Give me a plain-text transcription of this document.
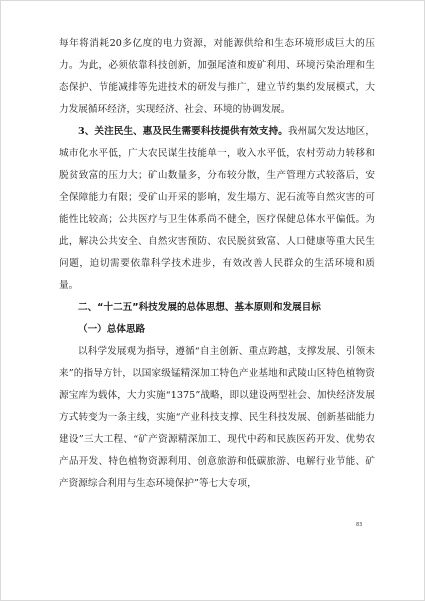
每年将消耗20多亿度的电力资源，对能源供给和生态环境形成巨大的压力。为此，必须依靠科技创新，加强尾渣和废矿利用、环境污染治理和生态保护、节能减排等先进技术的研发与推广，建立节约集约发展模式，大力发展循环经济，实现经济、社会、环境的协调发展。

3、关注民生、惠及民生需要科技提供有效支持。我州属欠发达地区，城市化水平低，广大农民谋生技能单一，收入水平低，农村劳动力转移和脱贫致富的压力大；矿山数量多，分布较分散，生产管理方式较落后，安全保障能力有限；受矿山开采的影响，发生塌方、泥石流等自然灾害的可能性比较高；公共医疗与卫生体系尚不健全，医疗保健总体水平偏低。为此，解决公共安全、自然灾害预防、农民脱贫致富、人口健康等重大民生问题，迫切需要依靠科学技术进步，有效改善人民群众的生活环境和质量。

二、“十二五”科技发展的总体思想、基本原则和发展目标

（一）总体思路

以科学发展观为指导，遵循“自主创新、重点跨越，支撑发展、引领未来”的指导方针，以国家级锰精深加工特色产业基地和武陵山区特色植物资源宝库为载体，大力实施“1375”战略，即以建设两型社会、加快经济发展方式转变为一条主线，实施“产业科技支撑、民生科技发展、创新基础能力建设”三大工程、“矿产资源精深加工、现代中药和民族医药开发、优势农产品开发、特色植物资源利用、创意旅游和低碳旅游、电解行业节能、矿产资源综合利用与生态环境保护”等七大专项，

83
